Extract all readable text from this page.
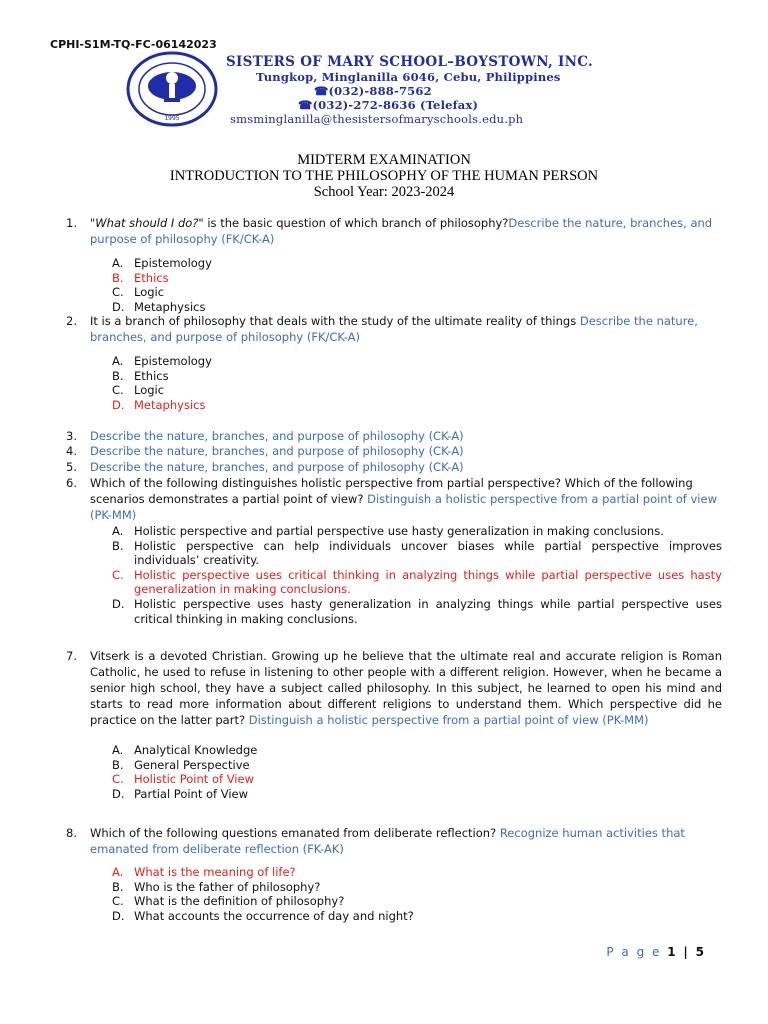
CPHI-S1M-TQ-FC-06142023
1995
SISTERS OF MARY SCHOOL–BOYSTOWN, INC.
Tungkop, Minglanilla 6046, Cebu, Philippines
☎(032)-888-7562
☎(032)-272-8636 (Telefax)
smsminglanilla@thesistersofmaryschools.edu.ph
MIDTERM EXAMINATION
INTRODUCTION TO THE PHILOSOPHY OF THE HUMAN PERSON
School Year: 2023-2024
1.	"What should I do?" is the basic question of which branch of philosophy?Describe the nature, branches, and purpose of philosophy (FK/CK-A)
A. Epistemology
B. Ethics
C. Logic
D. Metaphysics
2.	It is a branch of philosophy that deals with the study of the ultimate reality of things Describe the nature, branches, and purpose of philosophy (FK/CK-A)
A. Epistemology
B. Ethics
C. Logic
D. Metaphysics
3.	Describe the nature, branches, and purpose of philosophy (CK-A)
4.	Describe the nature, branches, and purpose of philosophy (CK-A)
5.	Describe the nature, branches, and purpose of philosophy (CK-A)
6.	Which of the following distinguishes holistic perspective from partial perspective? Which of the following scenarios demonstrates a partial point of view? Distinguish a holistic perspective from a partial point of view (PK-MM)
A. Holistic perspective and partial perspective use hasty generalization in making conclusions.
B. Holistic perspective can help individuals uncover biases while partial perspective improves individuals’ creativity.
C. Holistic perspective uses critical thinking in analyzing things while partial perspective uses hasty generalization in making conclusions.
D. Holistic perspective uses hasty generalization in analyzing things while partial perspective uses critical thinking in making conclusions.
7.	Vitserk is a devoted Christian. Growing up he believe that the ultimate real and accurate religion is Roman Catholic, he used to refuse in listening to other people with a different religion. However, when he became a senior high school, they have a subject called philosophy. In this subject, he learned to open his mind and starts to read more information about different religions to understand them. Which perspective did he practice on the latter part? Distinguish a holistic perspective from a partial point of view (PK-MM)
A. Analytical Knowledge
B. General Perspective
C. Holistic Point of View
D. Partial Point of View
8.	Which of the following questions emanated from deliberate reflection? Recognize human activities that emanated from deliberate reflection (FK-AK)
A. What is the meaning of life?
B. Who is the father of philosophy?
C. What is the definition of philosophy?
D. What accounts the occurrence of day and night?
P a g e 1 | 5
